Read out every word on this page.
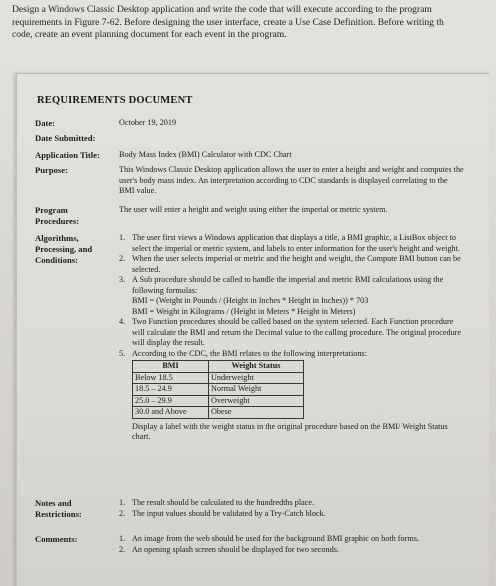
Design a Windows Classic Desktop application and write the code that will execute according to the program
requirements in Figure 7-62. Before designing the user interface, create a Use Case Definition. Before writing th
code, create an event planning document for each event in the program.
REQUIREMENTS DOCUMENT
Date:	October 19, 2019
Date Submitted:
Application Title:	Body Mass Index (BMI) Calculator with CDC Chart
Purpose:	This Windows Classic Desktop application allows the user to enter a height and weight and computes the user's body mass index. An interpretation according to CDC standards is displayed correlating to the BMI value.
Program Procedures:
The user will enter a height and weight using either the imperial or metric system.
Algorithms, Processing, and Conditions:
1. The user first views a Windows application that displays a title, a BMI graphic, a ListBox object to select the imperial or metric system, and labels to enter information for the user's height and weight.
2. When the user selects imperial or metric and the height and weight, the Compute BMI button can be selected.
3. A Sub procedure should be called to handle the imperial and metric BMI calculations using the following formulas:
BMI = (Weight in Pounds / (Height in Inches * Height in Inches)) * 703
BMI = Weight in Kilograms / (Height in Meters * Height in Meters)
4. Two Function procedures should be called based on the system selected. Each Function procedure will calculate the BMI and return the Decimal value to the calling procedure. The original procedure will display the result.
5. According to the CDC, the BMI relates to the following interpretations:
BMI	Weight Status
Below 18.5	Underweight
18.5 – 24.9	Normal Weight
25.0 – 29.9	Overweight
30.0 and Above	Obese
Display a label with the weight status in the original procedure based on the BMI/ Weight Status chart.
Notes and Restrictions:
1. The result should be calculated to the hundredths place.
2. The input values should be validated by a Try-Catch block.
Comments:	1. An image from the web should be used for the background BMI graphic on both forms.
2. An opening splash screen should be displayed for two seconds.
